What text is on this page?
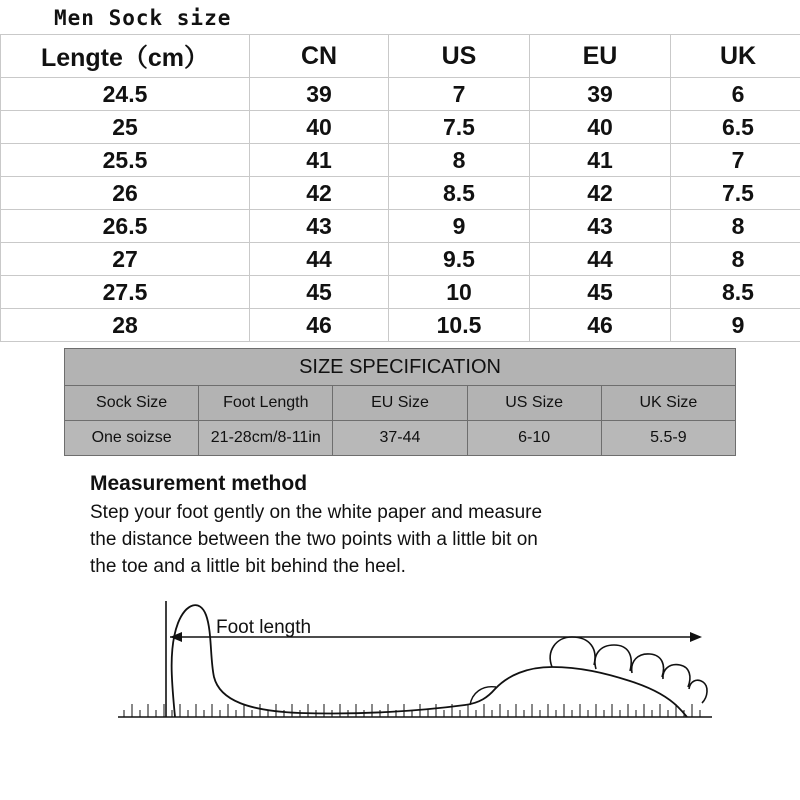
Men Sock size
Lengte（cm）	CN	US	EU	UK
24.5	39	7	39	6
25	40	7.5	40	6.5
25.5	41	8	41	7
26	42	8.5	42	7.5
26.5	43	9	43	8
27	44	9.5	44	8
27.5	45	10	45	8.5
28	46	10.5	46	9
SIZE SPECIFICATION				
Sock Size	Foot Length	EU Size	US Size	UK Size
One soizse	21-28cm/8-11in	37-44	6-10	5.5-9
Measurement method
Step your foot gently on the white paper and measure
the distance between the two points with a little bit on
the toe and a little bit behind the heel.
Foot length
